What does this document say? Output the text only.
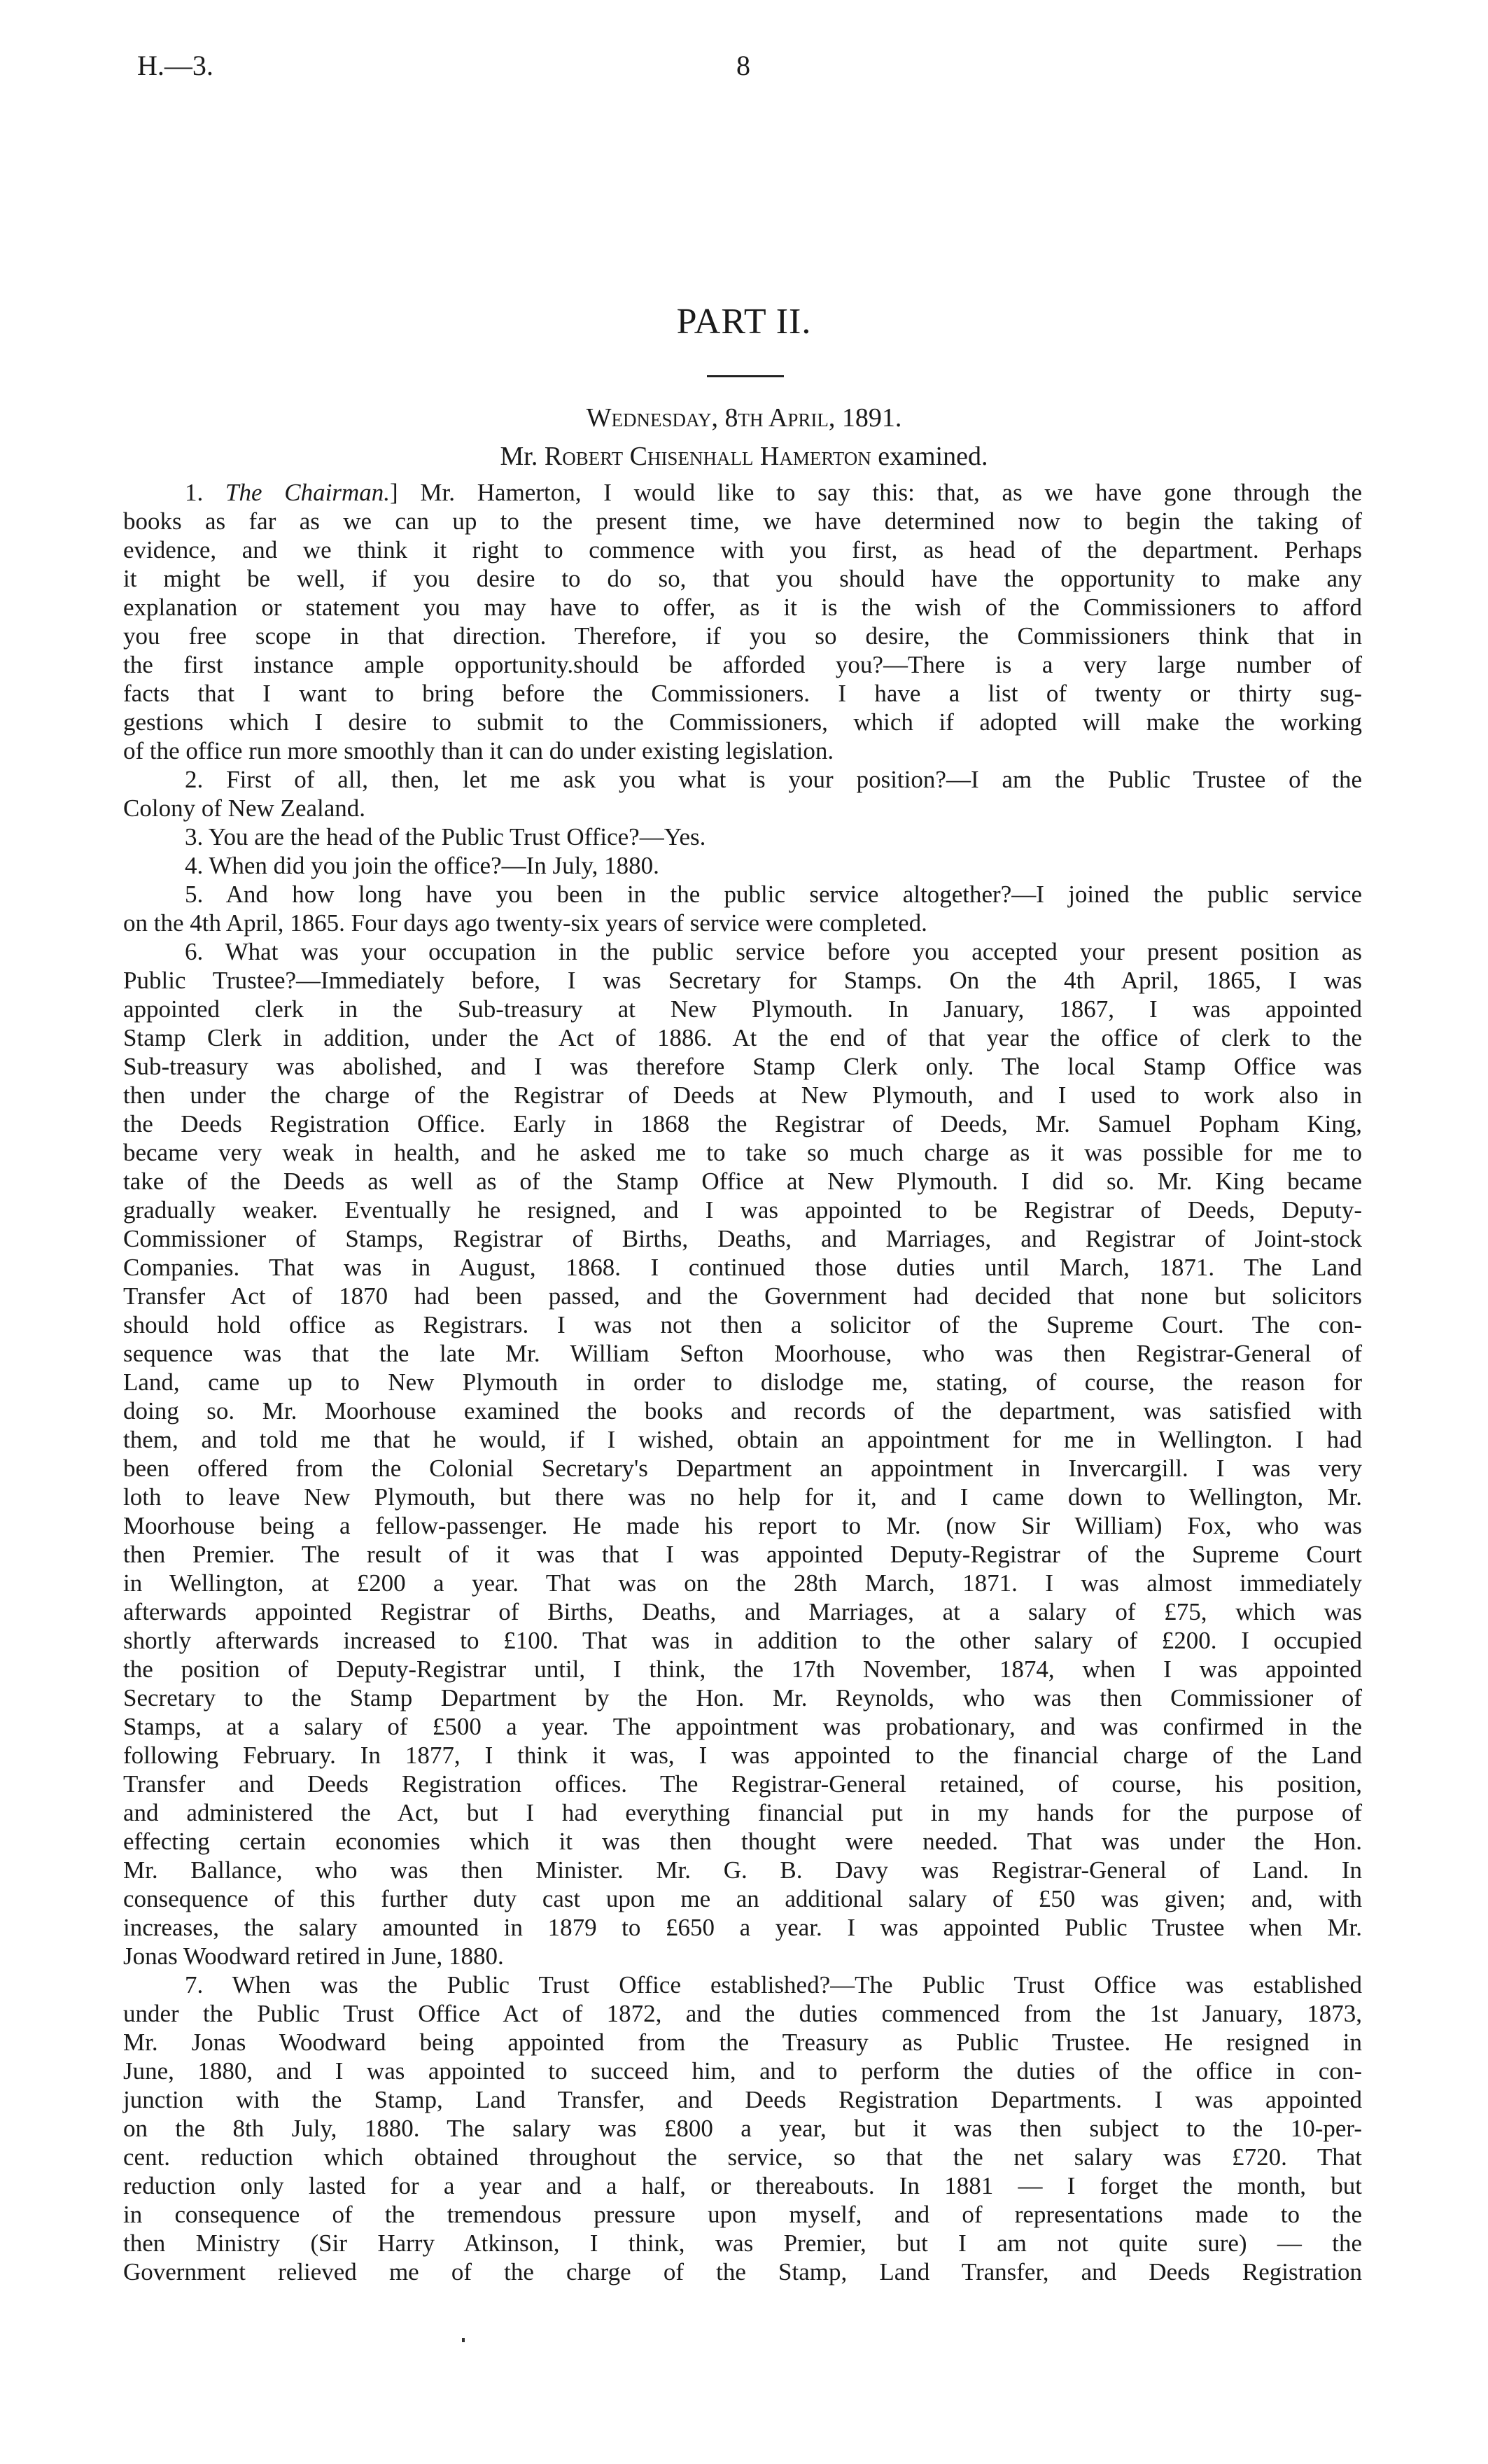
H.—3.	8
PART II.
Wednesday, 8th April, 1891.
Mr. Robert Chisenhall Hamerton examined.
1. The Chairman.] Mr. Hamerton, I would like to say this: that, as we have gone through the
books as far as we can up to the present time, we have determined now to begin the taking of
evidence, and we think it right to commence with you first, as head of the department. Perhaps
it might be well, if you desire to do so, that you should have the opportunity to make any
explanation or statement you may have to offer, as it is the wish of the Commissioners to afford
you free scope in that direction. Therefore, if you so desire, the Commissioners think that in
the first instance ample opportunity.should be afforded you?—There is a very large number of
facts that I want to bring before the Commissioners. I have a list of twenty or thirty sug-
gestions which I desire to submit to the Commissioners, which if adopted will make the working
of the office run more smoothly than it can do under existing legislation.
2. First of all, then, let me ask you what is your position?—I am the Public Trustee of the
Colony of New Zealand.
3. You are the head of the Public Trust Office?—Yes.
4. When did you join the office?—In July, 1880.
5. And how long have you been in the public service altogether?—I joined the public service
on the 4th April, 1865. Four days ago twenty-six years of service were completed.
6. What was your occupation in the public service before you accepted your present position as
Public Trustee?—Immediately before, I was Secretary for Stamps. On the 4th April, 1865, I was
appointed clerk in the Sub-treasury at New Plymouth. In January, 1867, I was appointed
Stamp Clerk in addition, under the Act of 1886. At the end of that year the office of clerk to the
Sub-treasury was abolished, and I was therefore Stamp Clerk only. The local Stamp Office was
then under the charge of the Registrar of Deeds at New Plymouth, and I used to work also in
the Deeds Registration Office. Early in 1868 the Registrar of Deeds, Mr. Samuel Popham King,
became very weak in health, and he asked me to take so much charge as it was possible for me to
take of the Deeds as well as of the Stamp Office at New Plymouth. I did so. Mr. King became
gradually weaker. Eventually he resigned, and I was appointed to be Registrar of Deeds, Deputy-
Commissioner of Stamps, Registrar of Births, Deaths, and Marriages, and Registrar of Joint-stock
Companies. That was in August, 1868. I continued those duties until March, 1871. The Land
Transfer Act of 1870 had been passed, and the Government had decided that none but solicitors
should hold office as Registrars. I was not then a solicitor of the Supreme Court. The con-
sequence was that the late Mr. William Sefton Moorhouse, who was then Registrar-General of
Land, came up to New Plymouth in order to dislodge me, stating, of course, the reason for
doing so. Mr. Moorhouse examined the books and records of the department, was satisfied with
them, and told me that he would, if I wished, obtain an appointment for me in Wellington. I had
been offered from the Colonial Secretary's Department an appointment in Invercargill. I was very
loth to leave New Plymouth, but there was no help for it, and I came down to Wellington, Mr.
Moorhouse being a fellow-passenger. He made his report to Mr. (now Sir William) Fox, who was
then Premier. The result of it was that I was appointed Deputy-Registrar of the Supreme Court
in Wellington, at £200 a year. That was on the 28th March, 1871. I was almost immediately
afterwards appointed Registrar of Births, Deaths, and Marriages, at a salary of £75, which was
shortly afterwards increased to £100. That was in addition to the other salary of £200. I occupied
the position of Deputy-Registrar until, I think, the 17th November, 1874, when I was appointed
Secretary to the Stamp Department by the Hon. Mr. Reynolds, who was then Commissioner of
Stamps, at a salary of £500 a year. The appointment was probationary, and was confirmed in the
following February. In 1877, I think it was, I was appointed to the financial charge of the Land
Transfer and Deeds Registration offices. The Registrar-General retained, of course, his position,
and administered the Act, but I had everything financial put in my hands for the purpose of
effecting certain economies which it was then thought were needed. That was under the Hon.
Mr. Ballance, who was then Minister. Mr. G. B. Davy was Registrar-General of Land. In
consequence of this further duty cast upon me an additional salary of £50 was given; and, with
increases, the salary amounted in 1879 to £650 a year. I was appointed Public Trustee when Mr.
Jonas Woodward retired in June, 1880.
7. When was the Public Trust Office established?—The Public Trust Office was established
under the Public Trust Office Act of 1872, and the duties commenced from the 1st January, 1873,
Mr. Jonas Woodward being appointed from the Treasury as Public Trustee. He resigned in
June, 1880, and I was appointed to succeed him, and to perform the duties of the office in con-
junction with the Stamp, Land Transfer, and Deeds Registration Departments. I was appointed
on the 8th July, 1880. The salary was £800 a year, but it was then subject to the 10-per-
cent. reduction which obtained throughout the service, so that the net salary was £720. That
reduction only lasted for a year and a half, or thereabouts. In 1881 — I forget the month, but
in consequence of the tremendous pressure upon myself, and of representations made to the
then Ministry (Sir Harry Atkinson, I think, was Premier, but I am not quite sure) — the
Government relieved me of the charge of the Stamp, Land Transfer, and Deeds Registration
